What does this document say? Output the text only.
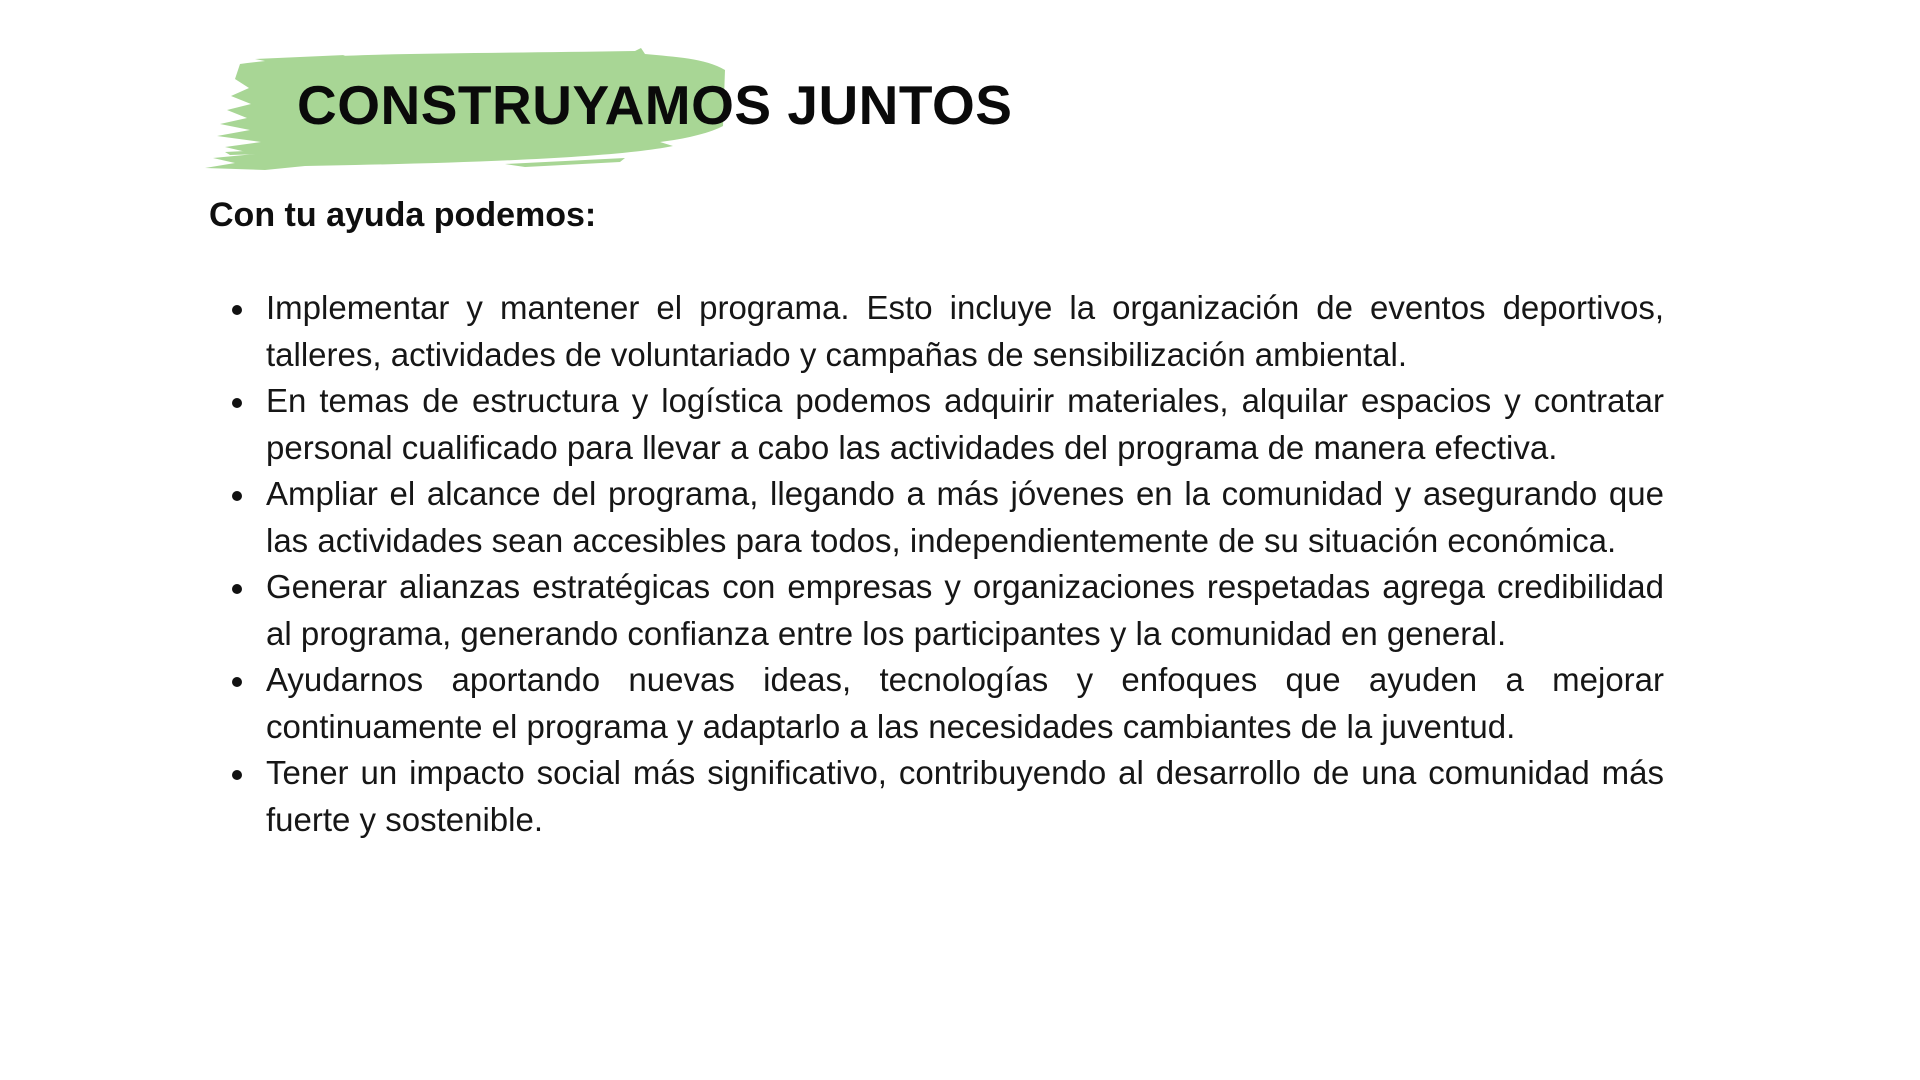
CONSTRUYAMOS JUNTOS

Con tu ayuda podemos:

Implementar y mantener el programa. Esto incluye la organización de eventos deportivos, talleres, actividades de voluntariado y campañas de sensibilización ambiental.
En temas de estructura y logística podemos adquirir materiales, alquilar espacios y contratar personal cualificado para llevar a cabo las actividades del programa de manera efectiva.
Ampliar el alcance del programa, llegando a más jóvenes en la comunidad y asegurando que las actividades sean accesibles para todos, independientemente de su situación económica.
Generar alianzas estratégicas con empresas y organizaciones respetadas agrega credibilidad al programa, generando confianza entre los participantes y la comunidad en general.
Ayudarnos aportando nuevas ideas, tecnologías y enfoques que ayuden a mejorar continuamente el programa y adaptarlo a las necesidades cambiantes de la juventud.
Tener un impacto social más significativo, contribuyendo al desarrollo de una comunidad más fuerte y sostenible.
